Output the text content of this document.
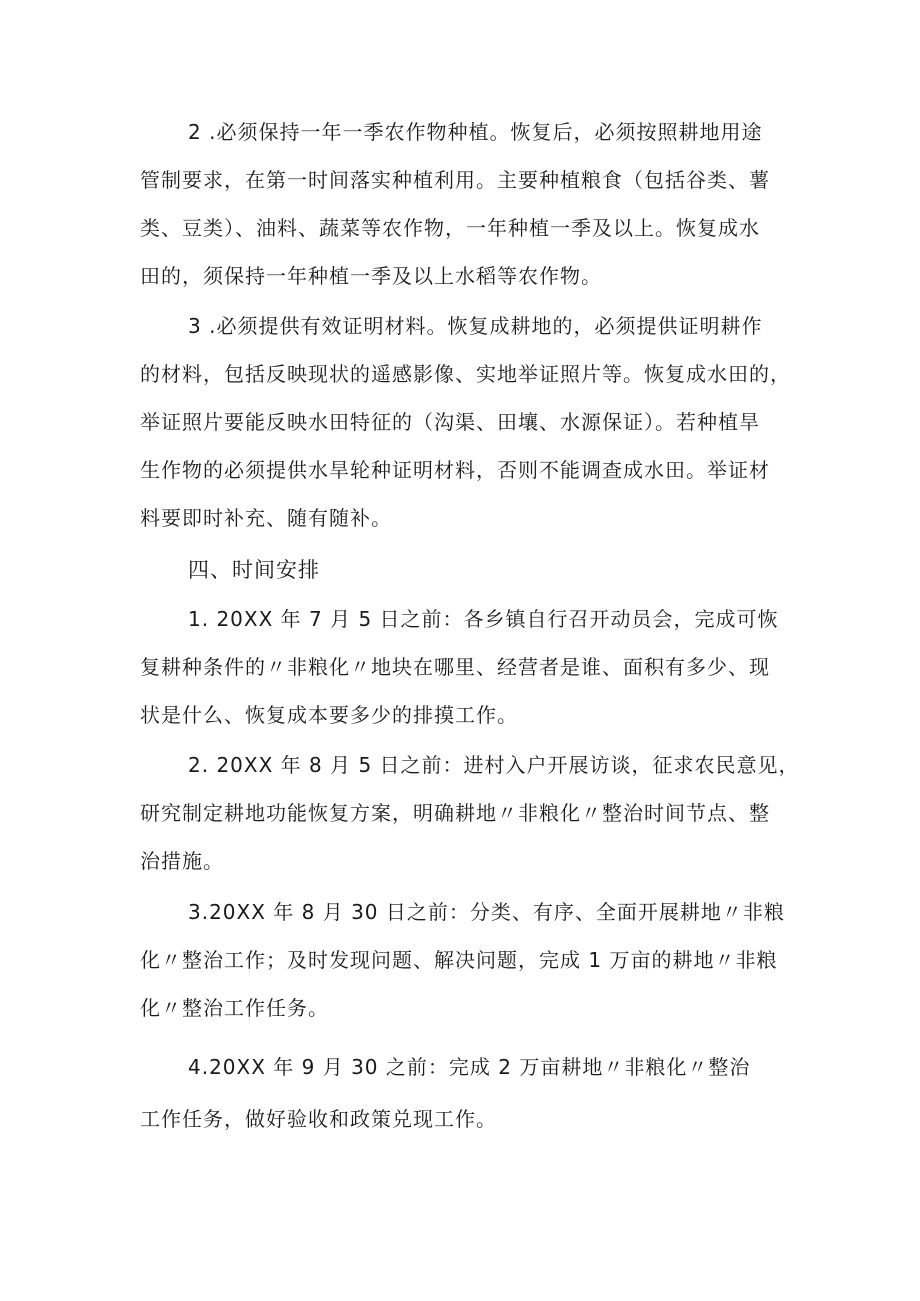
2 .必须保持一年一季农作物种植。恢复后，必须按照耕地用途
管制要求，在第一时间落实种植利用。主要种植粮食（包括谷类、薯
类、豆类）、油料、蔬菜等农作物，一年种植一季及以上。恢复成水
田的，须保持一年种植一季及以上水稻等农作物。
3 .必须提供有效证明材料。恢复成耕地的，必须提供证明耕作
的材料，包括反映现状的遥感影像、实地举证照片等。恢复成水田的，
举证照片要能反映水田特征的（沟渠、田壤、水源保证）。若种植旱
生作物的必须提供水旱轮种证明材料，否则不能调查成水田。举证材
料要即时补充、随有随补。
四、时间安排
1. 20XX 年 7 月 5 日之前：各乡镇自行召开动员会，完成可恢
复耕种条件的〃非粮化〃地块在哪里、经营者是谁、面积有多少、现
状是什么、恢复成本要多少的排摸工作。
2. 20XX 年 8 月 5 日之前：进村入户开展访谈，征求农民意见，
研究制定耕地功能恢复方案，明确耕地〃非粮化〃整治时间节点、整
治措施。
3.20XX 年 8 月 30 日之前：分类、有序、全面开展耕地〃非粮
化〃整治工作；及时发现问题、解决问题，完成 1 万亩的耕地〃非粮
化〃整治工作任务。
4.20XX 年 9 月 30 之前：完成 2 万亩耕地〃非粮化〃整治
工作任务，做好验收和政策兑现工作。
